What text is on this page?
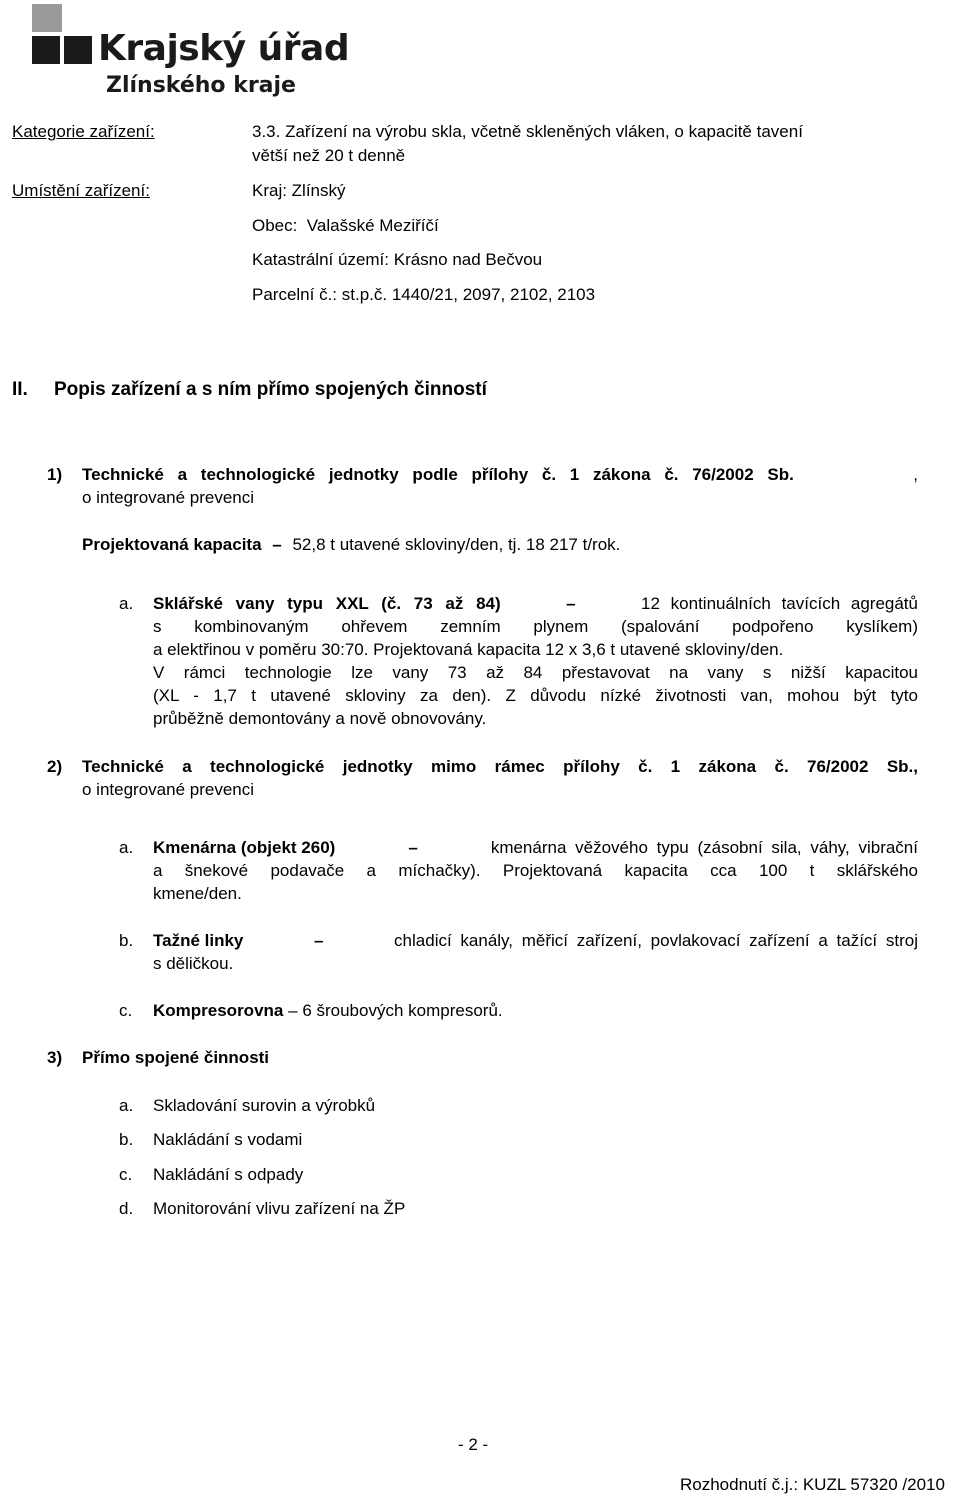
Krajský úřad
Zlínského kraje
Kategorie zařízení:	3.3. Zařízení na výrobu skla, včetně skleněných vláken, o kapacitě tavení
větší než 20 t denně
Umístění zařízení:	Kraj: Zlínský
Obec:  Valašské Meziříčí
Katastrální území: Krásno nad Bečvou
Parcelní č.: st.p.č. 1440/21, 2097, 2102, 2103
II. Popis zařízení a s ním přímo spojených činností
1) Technické a technologické jednotky podle přílohy č. 1 zákona č. 76/2002 Sb.	,
o integrované prevenci
Projektovaná kapacita – 52,8 t utavené skloviny/den, tj. 18 217 t/rok.
a. Sklářské vany typu XXL (č. 73 až 84)	–	12 kontinuálních tavících agregátů
s kombinovaným ohřevem zemním plynem (spalování podpořeno kyslíkem)
a elektřinou v poměru 30:70. Projektovaná kapacita 12 x 3,6 t utavené skloviny/den.
V rámci technologie lze vany 73 až 84 přestavovat na vany s nižší kapacitou
(XL - 1,7 t utavené skloviny za den). Z důvodu nízké životnosti van, mohou být tyto
průběžně demontovány a nově obnovovány.
2) Technické a technologické jednotky mimo rámec přílohy č. 1 zákona č. 76/2002 Sb.,
o integrované prevenci
a. Kmenárna (objekt 260)	–	kmenárna věžového typu (zásobní sila, váhy, vibrační
a šnekové podavače a míchačky). Projektovaná kapacita cca 100 t sklářského
kmene/den.
b. Tažné linky	–	chladicí kanály, měřicí zařízení, povlakovací zařízení a tažící stroj
s děličkou.
c. Kompresorovna – 6 šroubových kompresorů.
3) Přímo spojené činnosti
a. Skladování surovin a výrobků
b. Nakládání s vodami
c. Nakládání s odpady
d. Monitorování vlivu zařízení na ŽP
- 2 -
Rozhodnutí č.j.: KUZL 57320 /2010
